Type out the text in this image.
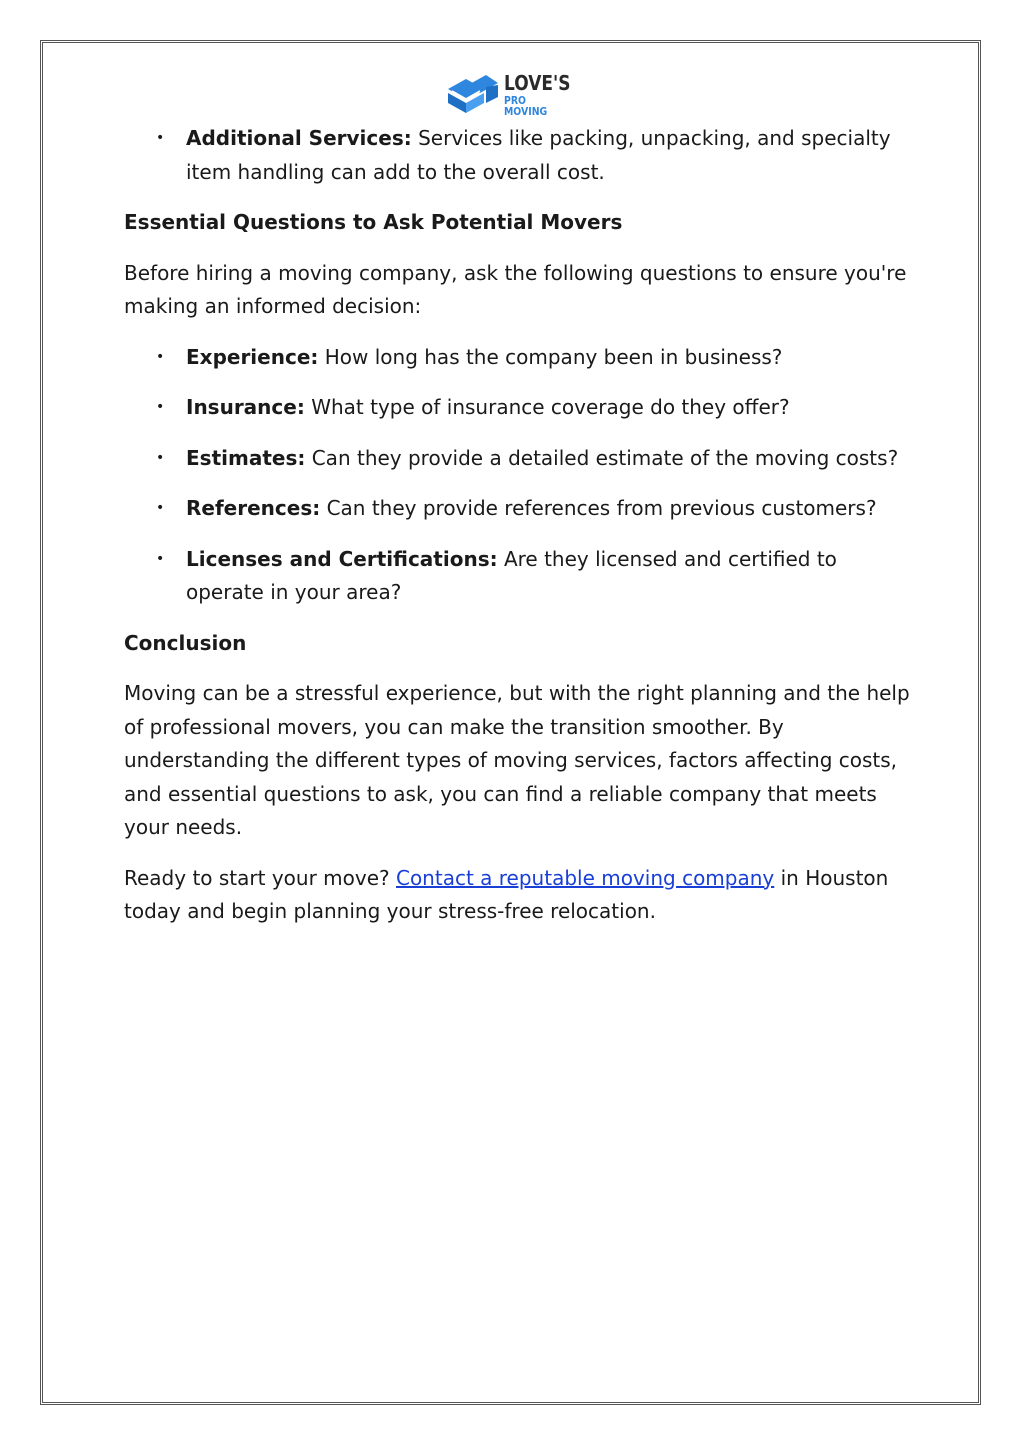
LOVE'S
PRO MOVING
• Additional Services: Services like packing, unpacking, and specialty item handling can add to the overall cost.
Essential Questions to Ask Potential Movers

Before hiring a moving company, ask the following questions to ensure you're making an informed decision:

• Experience: How long has the company been in business?
• Insurance: What type of insurance coverage do they offer?
• Estimates: Can they provide a detailed estimate of the moving costs?
• References: Can they provide references from previous customers?
• Licenses and Certifications: Are they licensed and certified to operate in your area?
Conclusion

Moving can be a stressful experience, but with the right planning and the help of professional movers, you can make the transition smoother. By understanding the different types of moving services, factors affecting costs, and essential questions to ask, you can find a reliable company that meets your needs.

Ready to start your move? Contact a reputable moving company in Houston today and begin planning your stress-free relocation.
